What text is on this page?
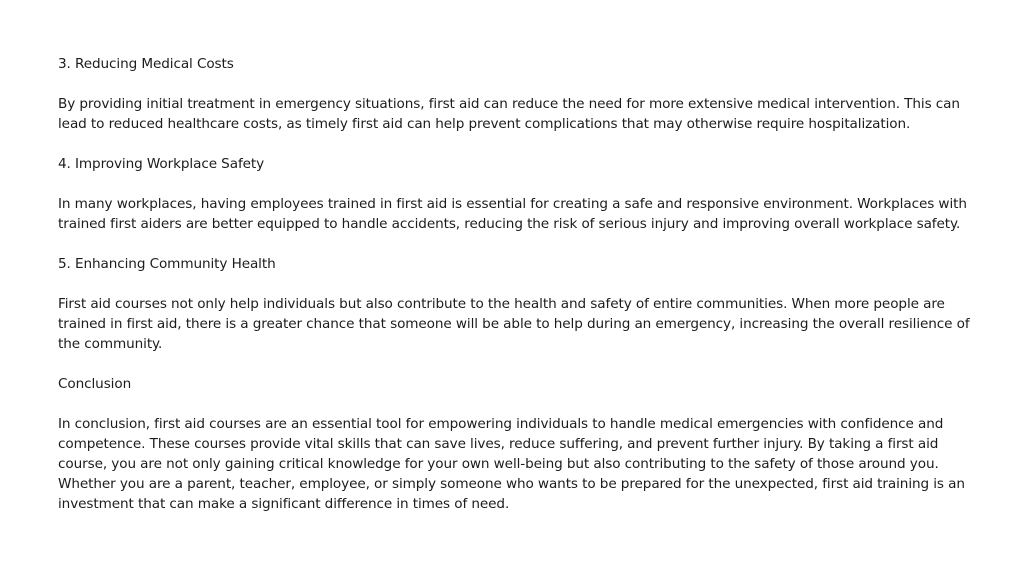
3. Reducing Medical Costs

By providing initial treatment in emergency situations, first aid can reduce the need for more extensive medical intervention. This can lead to reduced healthcare costs, as timely first aid can help prevent complications that may otherwise require hospitalization.

4. Improving Workplace Safety

In many workplaces, having employees trained in first aid is essential for creating a safe and responsive environment. Workplaces with trained first aiders are better equipped to handle accidents, reducing the risk of serious injury and improving overall workplace safety.

5. Enhancing Community Health

First aid courses not only help individuals but also contribute to the health and safety of entire communities. When more people are trained in first aid, there is a greater chance that someone will be able to help during an emergency, increasing the overall resilience of the community.

Conclusion

In conclusion, first aid courses are an essential tool for empowering individuals to handle medical emergencies with confidence and competence. These courses provide vital skills that can save lives, reduce suffering, and prevent further injury. By taking a first aid course, you are not only gaining critical knowledge for your own well-being but also contributing to the safety of those around you. Whether you are a parent, teacher, employee, or simply someone who wants to be prepared for the unexpected, first aid training is an investment that can make a significant difference in times of need.
